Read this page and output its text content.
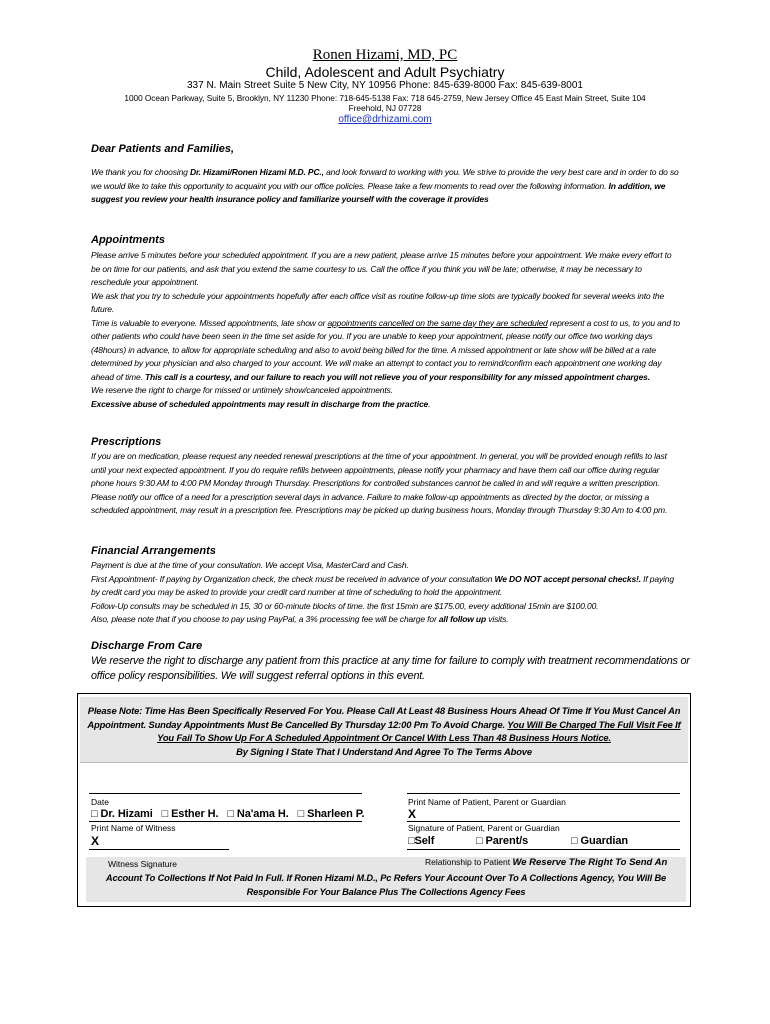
Ronen Hizami, MD, PC
Child, Adolescent and Adult Psychiatry
337 N. Main Street Suite 5 New City, NY 10956 Phone: 845-639-8000 Fax: 845-639-8001
1000 Ocean Parkway, Suite 5, Brooklyn, NY 11230 Phone: 718-645-5138 Fax: 718 645-2759, New Jersey Office 45 East Main Street, Suite 104
Freehold, NJ 07728
office@drhizami.com
Dear Patients and Families,
We thank you for choosing Dr. Hizami/Ronen Hizami M.D. PC., and look forward to working with you. We strive to provide the very best care and in order to do so we would like to take this opportunity to acquaint you with our office policies. Please take a few moments to read over the following information. In addition, we suggest you review your health insurance policy and familiarize yourself with the coverage it provides
Appointments
Please arrive 5 minutes before your scheduled appointment. If you are a new patient, please arrive 15 minutes before your appointment. We make every effort to be on time for our patients, and ask that you extend the same courtesy to us. Call the office if you think you will be late; otherwise, it may be necessary to reschedule your appointment.
We ask that you try to schedule your appointments hopefully after each office visit as routine follow-up time slots are typically booked for several weeks into the future.
Time is valuable to everyone. Missed appointments, late show or appointments cancelled on the same day they are scheduled represent a cost to us, to you and to other patients who could have been seen in the time set aside for you. If you are unable to keep your appointment, please notify our office two working days (48hours) in advance, to allow for appropriate scheduling and also to avoid being billed for the time. A missed appointment or late show will be billed at a rate determined by your physician and also charged to your account. We will make an attempt to contact you to remind/confirm each appointment one working day ahead of time. This call is a courtesy, and our failure to reach you will not relieve you of your responsibility for any missed appointment charges.
We reserve the right to charge for missed or untimely show/canceled appointments.
Excessive abuse of scheduled appointments may result in discharge from the practice.
Prescriptions
If you are on medication, please request any needed renewal prescriptions at the time of your appointment. In general, you will be provided enough refills to last until your next expected appointment. If you do require refills between appointments, please notify your pharmacy and have them call our office during regular phone hours 9:30 AM to 4:00 PM Monday through Thursday. Prescriptions for controlled substances cannot be called in and will require a written prescription. Please notify our office of a need for a prescription several days in advance. Failure to make follow-up appointments as directed by the doctor, or missing a scheduled appointment, may result in a prescription fee. Prescriptions may be picked up during business hours, Monday through Thursday 9:30 Am to 4:00 pm.
Financial Arrangements
Payment is due at the time of your consultation. We accept Visa, MasterCard and Cash.
First Appointment- If paying by Organization check, the check must be received in advance of your consultation We DO NOT accept personal checks!. If paying by credit card you may be asked to provide your credit card number at time of scheduling to hold the appointment.
Follow-Up consults may be scheduled in 15, 30 or 60-minute blocks of time. the first 15min are $175.00, every additional 15min are $100.00.
Also, please note that if you choose to pay using PayPal, a 3% processing fee will be charge for all follow up visits.
Discharge From Care
We reserve the right to discharge any patient from this practice at any time for failure to comply with treatment recommendations or office policy responsibilities. We will suggest referral options in this event.
Please Note: Time Has Been Specifically Reserved For You. Please Call At Least 48 Business Hours Ahead Of Time If You Must Cancel An Appointment. Sunday Appointments Must Be Cancelled By Thursday 12:00 Pm To Avoid Charge. You Will Be Charged The Full Visit Fee If You Fail To Show Up For A Scheduled Appointment Or Cancel With Less Than 48 Business Hours Notice.
By Signing I State That I Understand And Agree To The Terms Above
Date	Print Name of Patient, Parent or Guardian
□ Dr. Hizami □ Esther H. □ Na'ama H. □ Sharleen P.	X
Print Name of Witness	Signature of Patient, Parent or Guardian
X	□Self	□ Parent/s	□ Guardian
Witness Signature	Relationship to Patient We Reserve The Right To Send An
Account To Collections If Not Paid In Full. If Ronen Hizami M.D., Pc Refers Your Account Over To A Collections Agency, You Will Be Responsible For Your Balance Plus The Collections Agency Fees
